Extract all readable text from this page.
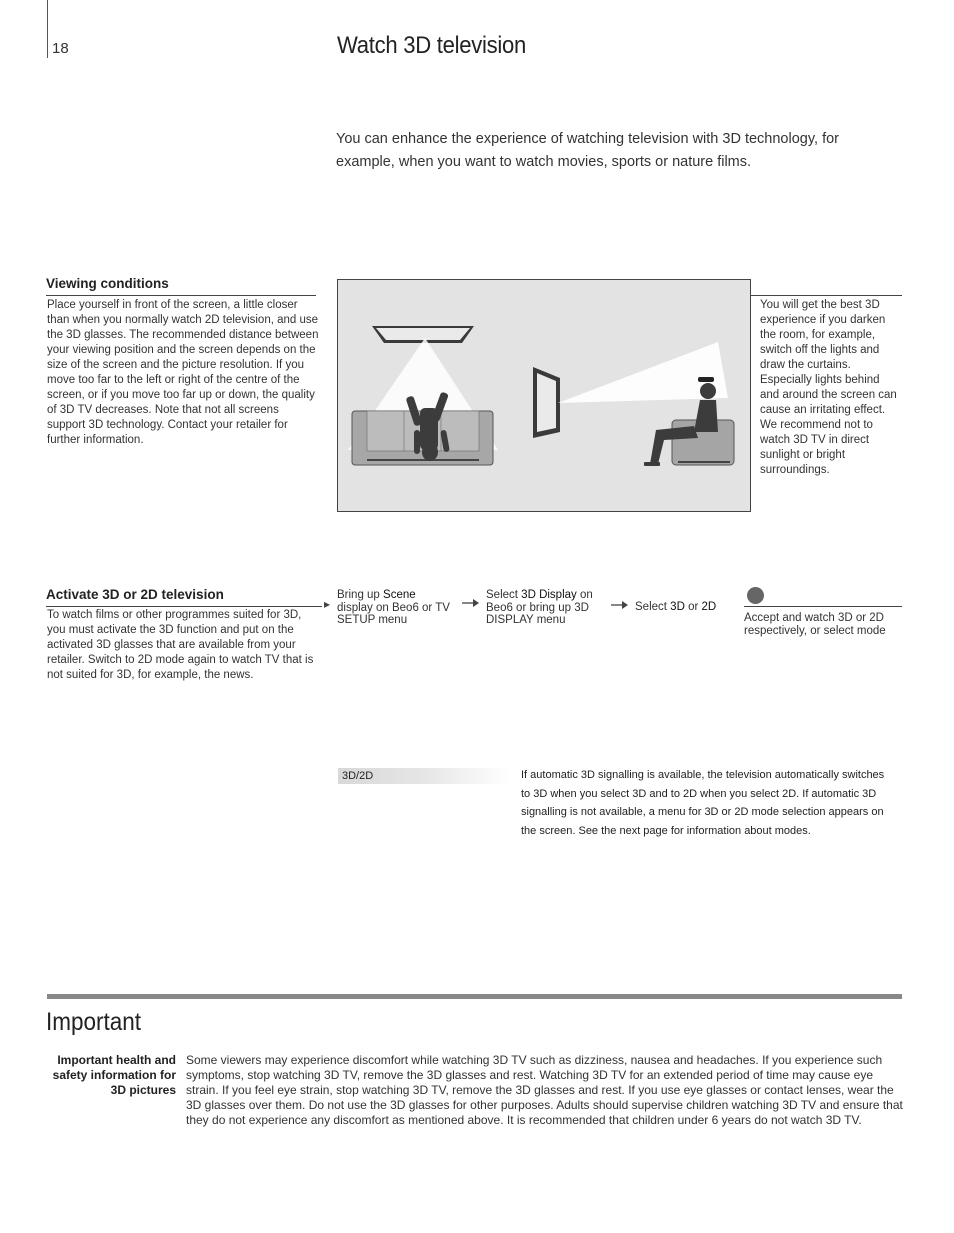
18	Watch 3D television
You can enhance the experience of watching television with 3D technology, for example, when you want to watch movies, sports or nature films.
Viewing conditions
Place yourself in front of the screen, a little closer than when you normally watch 2D television, and use the 3D glasses. The recommended distance between your viewing position and the screen depends on the size of the screen and the picture resolution. If you move too far to the left or right of the centre of the screen, or if you move too far up or down, the quality of 3D TV decreases. Note that not all screens support 3D technology. Contact your retailer for further information.
You will get the best 3D experience if you darken the room, for example, switch off the lights and draw the curtains. Especially lights behind and around the screen can cause an irritating effect. We recommend not to watch 3D TV in direct sunlight or bright surroundings.
Activate 3D or 2D television
To watch films or other programmes suited for 3D, you must activate the 3D function and put on the activated 3D glasses that are available from your retailer. Switch to 2D mode again to watch TV that is not suited for 3D, for example, the news.
▸
Bring up Scene
display on Beo6 or TV SETUP menu
Select 3D Display on Beo6 or bring up 3D DISPLAY menu
Select 3D or 2D
Accept and watch 3D or 2D respectively, or select mode
3D/2D	If automatic 3D signalling is available, the television automatically switches to 3D when you select 3D and to 2D when you select 2D. If automatic 3D signalling is not available, a menu for 3D or 2D mode selection appears on the screen. See the next page for information about modes.
Important
Important health and safety information for 3D pictures
Some viewers may experience discomfort while watching 3D TV such as dizziness, nausea and headaches. If you experience such symptoms, stop watching 3D TV, remove the 3D glasses and rest. Watching 3D TV for an extended period of time may cause eye strain. If you feel eye strain, stop watching 3D TV, remove the 3D glasses and rest. If you use eye glasses or contact lenses, wear the 3D glasses over them. Do not use the 3D glasses for other purposes. Adults should supervise children watching 3D TV and ensure that they do not experience any discomfort as mentioned above. It is recommended that children under 6 years do not watch 3D TV.
